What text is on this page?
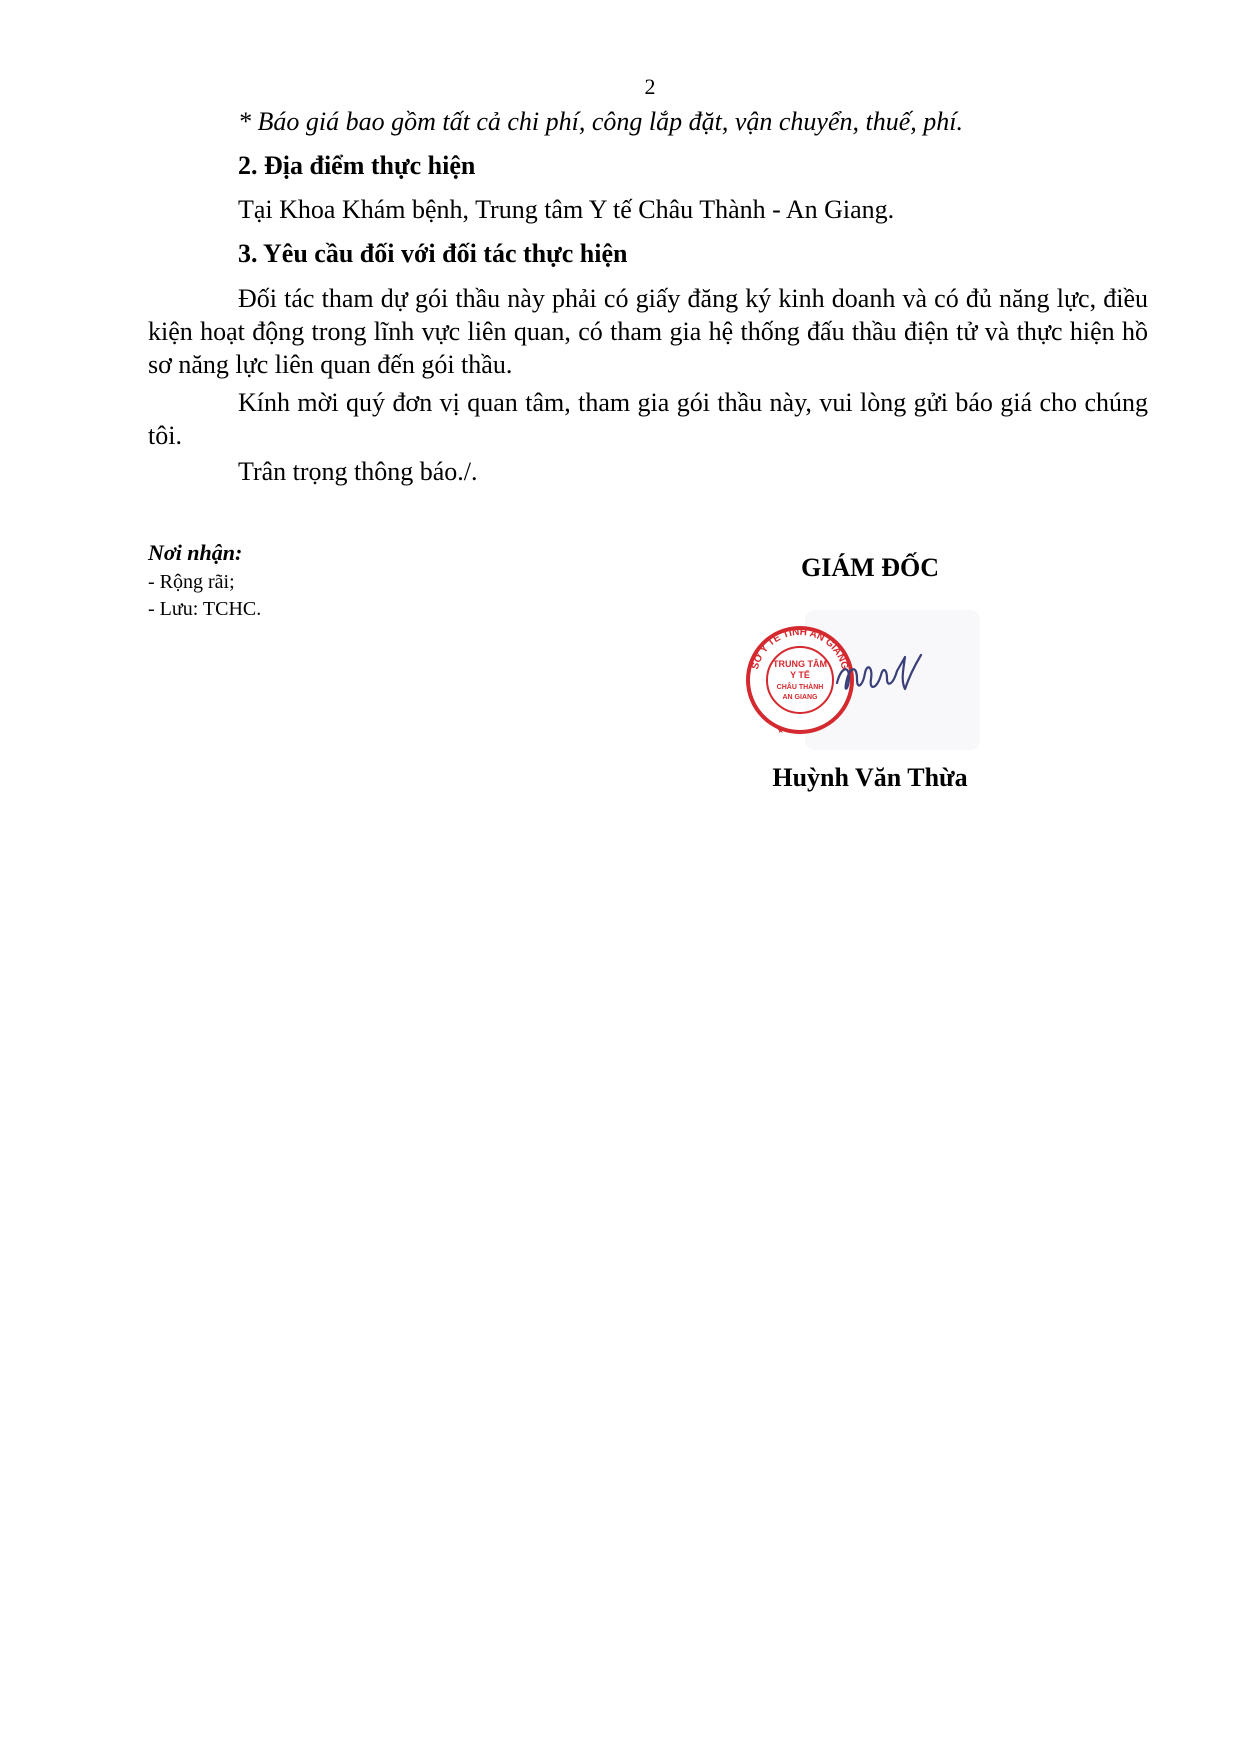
2
* Báo giá bao gồm tất cả chi phí, công lắp đặt, vận chuyển, thuế, phí.
2. Địa điểm thực hiện
Tại Khoa Khám bệnh, Trung tâm Y tế Châu Thành - An Giang.
3. Yêu cầu đối với đối tác thực hiện
Đối tác tham dự gói thầu này phải có giấy đăng ký kinh doanh và có đủ năng lực, điều kiện hoạt động trong lĩnh vực liên quan, có tham gia hệ thống đấu thầu điện tử và thực hiện hồ sơ năng lực liên quan đến gói thầu.
Kính mời quý đơn vị quan tâm, tham gia gói thầu này, vui lòng gửi báo giá cho chúng tôi.
Trân trọng thông báo./.
Nơi nhận:
- Rộng rãi;
- Lưu: TCHC.
GIÁM ĐỐC
SỞ Y TẾ TỈNH AN GIANG
★
TRUNG TÂM
Y TẾ
CHÂU THÀNH
AN GIANG
Huỳnh Văn Thừa
